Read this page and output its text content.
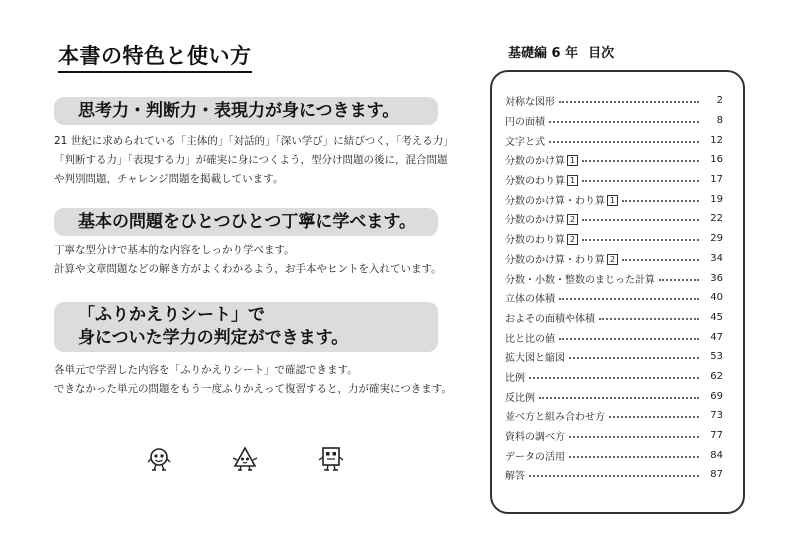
本書の特色と使い方
思考力・判断力・表現力が身につきます。
21 世紀に求められている「主体的」「対話的」「深い学び」に結びつく，「考える力」
「判断する力」「表現する力」が確実に身につくよう，型分け問題の後に，混合問題
や判別問題，チャレンジ問題を掲載しています。
基本の問題をひとつひとつ丁寧に学べます。
丁寧な型分けで基本的な内容をしっかり学べます。
計算や文章問題などの解き方がよくわかるよう，お手本やヒントを入れています。
「ふりかえりシート」で
身についた学力の判定ができます。
各単元で学習した内容を「ふりかえりシート」で確認できます。
できなかった単元の問題をもう一度ふりかえって復習すると，力が確実につきます。
基礎編 6 年 目次
対称な図形	2
円の面積	8
文字と式	12
分数のかけ算 1	16
分数のわり算 1	17
分数のかけ算・わり算 1	19
分数のかけ算 2	22
分数のわり算 2	29
分数のかけ算・わり算 2	34
分数・小数・整数のまじった計算	36
立体の体積	40
およその面積や体積	45
比と比の値	47
拡大図と縮図	53
比例	62
反比例	69
並べ方と組み合わせ方	73
資料の調べ方	77
データの活用	84
解答	87
